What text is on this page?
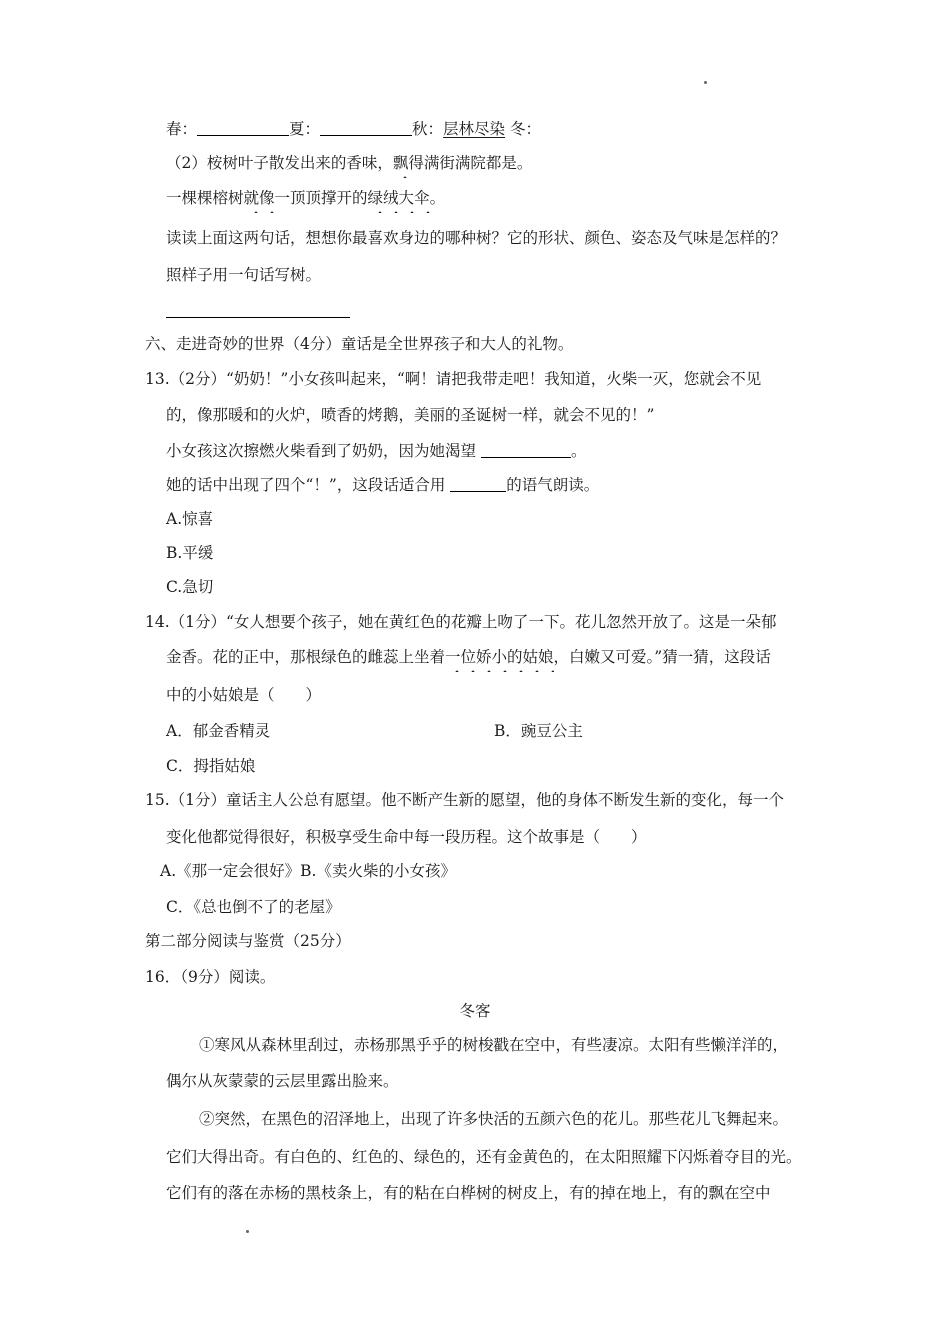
春：	夏：	秋：层林尽染 冬：
（2）桉树叶子散发出来的香味，飘得满街满院都是。
一棵棵榕树就像一顶顶撑开的绿绒大伞。
读读上面这两句话，想想你最喜欢身边的哪种树？它的形状、颜色、姿态及气味是怎样的？
照样子用一句话写树。
六、走进奇妙的世界（4分）童话是全世界孩子和大人的礼物。
13.（2分）“奶奶！”小女孩叫起来，“啊！请把我带走吧！我知道，火柴一灭，您就会不见
的，像那暖和的火炉，喷香的烤鹅，美丽的圣诞树一样，就会不见的！”
小女孩这次擦燃火柴看到了奶奶，因为她渴望	。
她的话中出现了四个“！”，这段话适合用	的语气朗读。
A.惊喜
B.平缓
C.急切
14.（1分）“女人想要个孩子，她在黄红色的花瓣上吻了一下。花儿忽然开放了。这是一朵郁
金香。花的正中，那根绿色的雌蕊上坐着一位娇小的姑娘，白嫩又可爱。”猜一猜，这段话
中的小姑娘是（　　）
A．郁金香精灵	B．豌豆公主
C．拇指姑娘
15.（1分）童话主人公总有愿望。他不断产生新的愿望，他的身体不断发生新的变化，每一个
变化他都觉得很好，积极享受生命中每一段历程。这个故事是（　　）
A.《那一定会很好》B.《卖火柴的小女孩》
C．《总也倒不了的老屋》
第二部分阅读与鉴赏（25分）
16．（9分）阅读。
冬客
①寒风从森林里刮过，赤杨那黑乎乎的树梭戳在空中，有些凄凉。太阳有些懒洋洋的，
偶尔从灰蒙蒙的云层里露出脸来。
②突然，在黑色的沼泽地上，出现了许多快活的五颜六色的花儿。那些花儿飞舞起来。
它们大得出奇。有白色的、红色的、绿色的，还有金黄色的，在太阳照耀下闪烁着夺目的光。
它们有的落在赤杨的黑枝条上，有的粘在白桦树的树皮上，有的掉在地上，有的飘在空中
